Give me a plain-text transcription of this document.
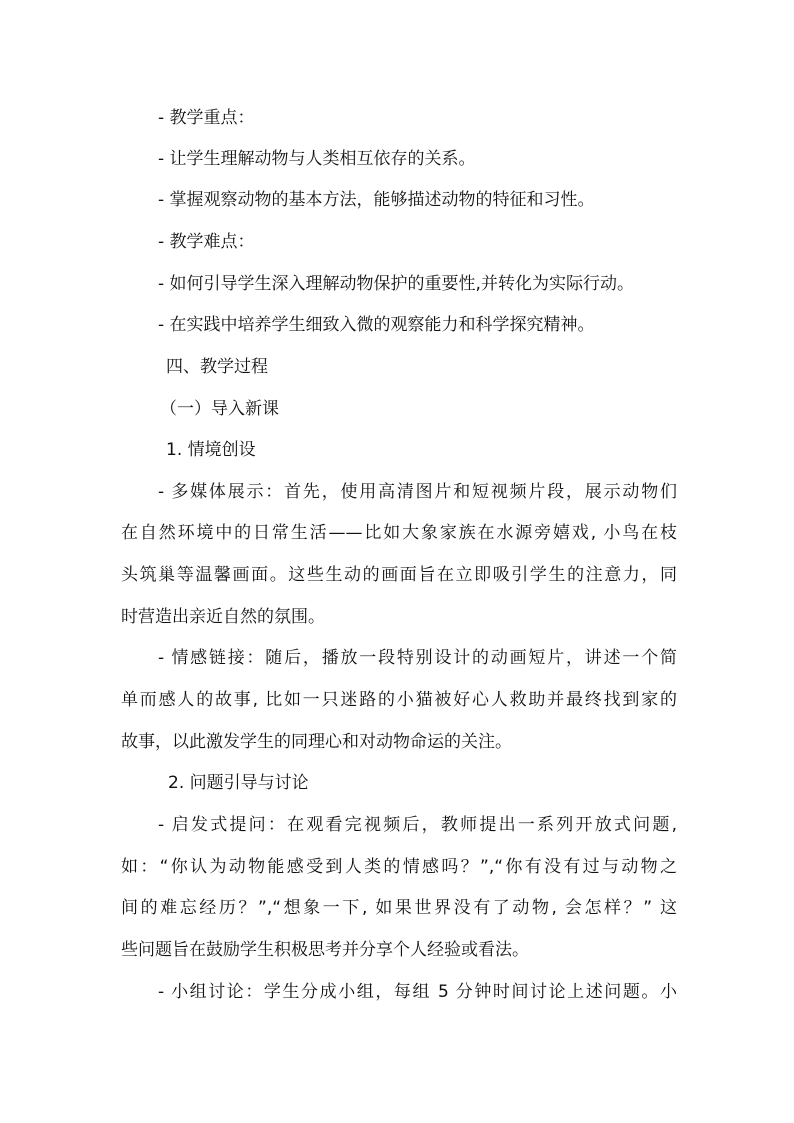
- 教学重点：
- 让学生理解动物与人类相互依存的关系。
- 掌握观察动物的基本方法，能够描述动物的特征和习性。
- 教学难点：
- 如何引导学生深入理解动物保护的重要性,并转化为实际行动。
- 在实践中培养学生细致入微的观察能力和科学探究精神。
四、教学过程
（一）导入新课
1. 情境创设
- 多媒体展示：首先，使用高清图片和短视频片段，展示动物们
在自然环境中的日常生活——比如大象家族在水源旁嬉戏, 小鸟在枝
头筑巢等温馨画面。这些生动的画面旨在立即吸引学生的注意力，同
时营造出亲近自然的氛围。
- 情感链接：随后，播放一段特别设计的动画短片，讲述一个简
单而感人的故事, 比如一只迷路的小猫被好心人救助并最终找到家的
故事，以此激发学生的同理心和对动物命运的关注。
2. 问题引导与讨论
- 启发式提问：在观看完视频后，教师提出一系列开放式问题,
如：“你认为动物能感受到人类的情感吗？”,“你有没有过与动物之
间的难忘经历？”,“想象一下, 如果世界没有了动物, 会怎样？” 这
些问题旨在鼓励学生积极思考并分享个人经验或看法。
- 小组讨论：学生分成小组，每组 5 分钟时间讨论上述问题。小
